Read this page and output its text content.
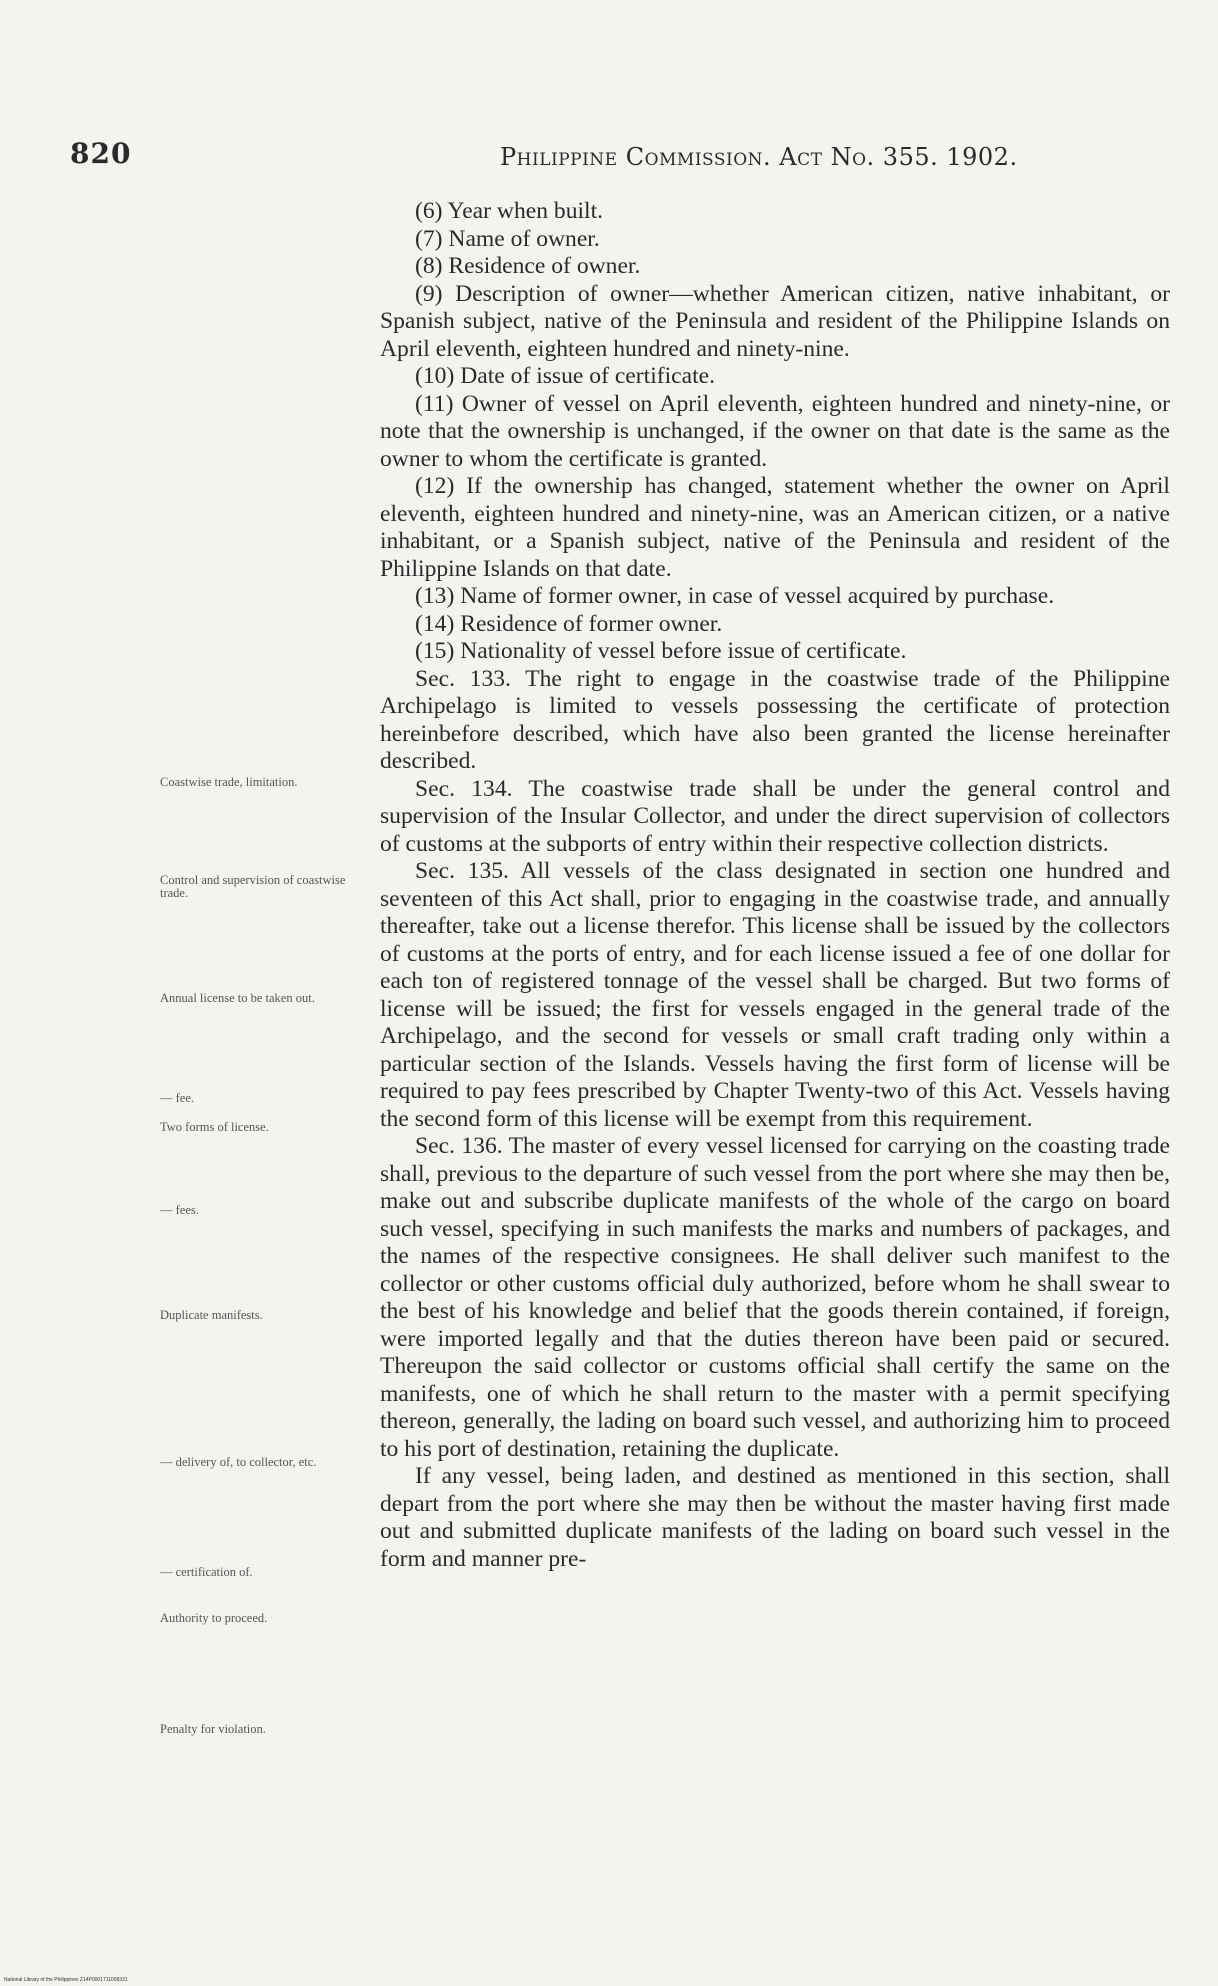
820	Philippine Commission. Act No. 355. 1902.

(6) Year when built.

(7) Name of owner.

(8) Residence of owner.

(9) Description of owner—whether American citizen, native inhabitant, or Spanish subject, native of the Peninsula and resident of the Philippine Islands on April eleventh, eighteen hundred and ninety-nine.

(10) Date of issue of certificate.

(11) Owner of vessel on April eleventh, eighteen hundred and ninety-nine, or note that the ownership is unchanged, if the owner on that date is the same as the owner to whom the certificate is granted.

(12) If the ownership has changed, statement whether the owner on April eleventh, eighteen hundred and ninety-nine, was an American citizen, or a native inhabitant, or a Spanish subject, native of the Peninsula and resident of the Philippine Islands on that date.

(13) Name of former owner, in case of vessel acquired by purchase.

(14) Residence of former owner.

(15) Nationality of vessel before issue of certificate.

Sec. 133. The right to engage in the coastwise trade of the Philippine Archipelago is limited to vessels possessing the certificate of protection hereinbefore described, which have also been granted the license hereinafter described.

Sec. 134. The coastwise trade shall be under the general control and supervision of the Insular Collector, and under the direct supervision of collectors of customs at the subports of entry within their respective collection districts.

Sec. 135. All vessels of the class designated in section one hundred and seventeen of this Act shall, prior to engaging in the coastwise trade, and annually thereafter, take out a license therefor. This license shall be issued by the collectors of customs at the ports of entry, and for each license issued a fee of one dollar for each ton of registered tonnage of the vessel shall be charged. But two forms of license will be issued; the first for vessels engaged in the general trade of the Archipelago, and the second for vessels or small craft trading only within a particular section of the Islands. Vessels having the first form of license will be required to pay fees prescribed by Chapter Twenty-two of this Act. Vessels having the second form of this license will be exempt from this requirement.

Sec. 136. The master of every vessel licensed for carrying on the coasting trade shall, previous to the departure of such vessel from the port where she may then be, make out and subscribe duplicate manifests of the whole of the cargo on board such vessel, specifying in such manifests the marks and numbers of packages, and the names of the respective consignees. He shall deliver such manifest to the collector or other customs official duly authorized, before whom he shall swear to the best of his knowledge and belief that the goods therein contained, if foreign, were imported legally and that the duties thereon have been paid or secured. Thereupon the said collector or customs official shall certify the same on the manifests, one of which he shall return to the master with a permit specifying thereon, generally, the lading on board such vessel, and authorizing him to proceed to his port of destination, retaining the duplicate.

If any vessel, being laden, and destined as mentioned in this section, shall depart from the port where she may then be without the master having first made out and submitted duplicate manifests of the lading on board such vessel in the form and manner pre-

Coastwise trade, limitation.
Control and supervision of coastwise trade.
Annual license to be taken out.
— fee.
Two forms of license.
— fees.
Duplicate manifests.
— delivery of, to collector, etc.
— certification of.
Authority to proceed.
Penalty for violation.
National Library of the Philippines Z14P0001711008331
